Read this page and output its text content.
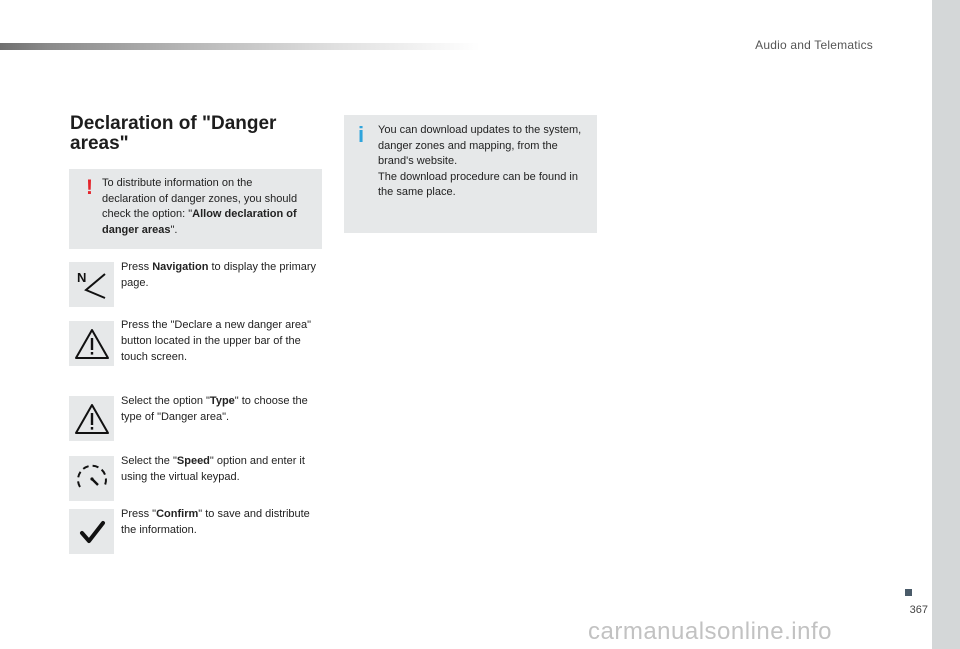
Audio and Telematics
Declaration of "Danger
areas"
! To distribute information on the declaration of danger zones, you should check the option: "Allow declaration of danger areas".
i You can download updates to the system, danger zones and mapping, from the brand's website.
The download procedure can be found in the same place.
N
Press Navigation to display the primary page.
Press the "Declare a new danger area" button located in the upper bar of the touch screen.
Select the option "Type" to choose the type of "Danger area".
Select the "Speed" option and enter it using the virtual keypad.
Press "Confirm" to save and distribute the information.
367
carmanualsonline.info
